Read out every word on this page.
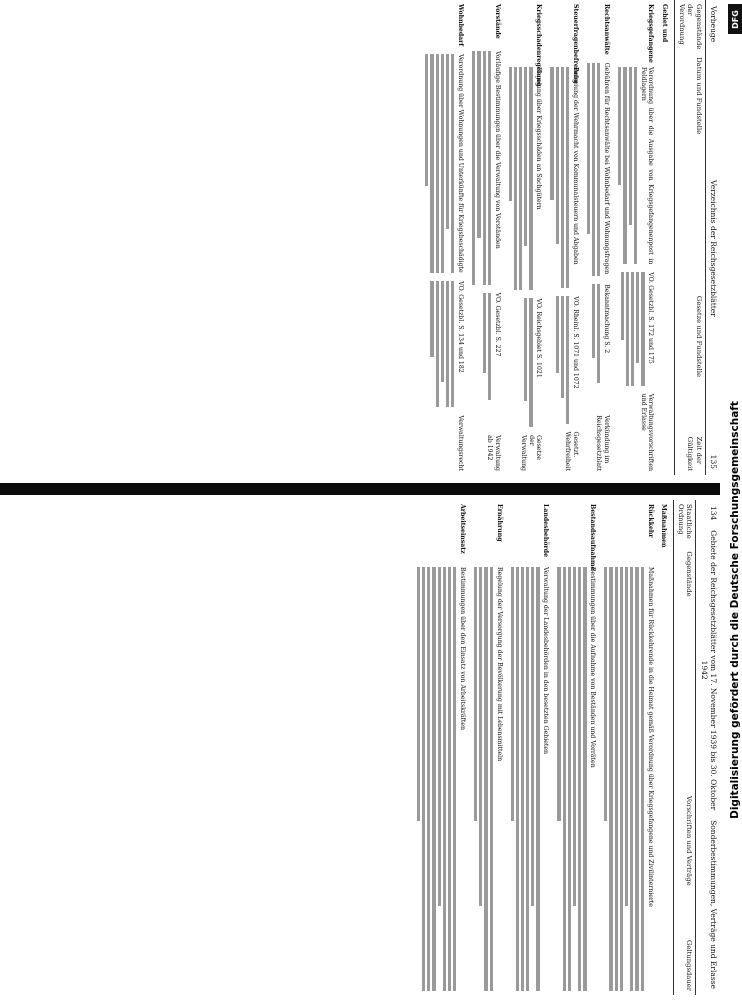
Vorbeuge
Verzeichnis der Reichsgesetzblätter
135
Gegenstände der Verordnung
Datum und Fundstelle
Gesetze und Fundstelle
Zeit der Gültigkeit
Gebiet und
Kriegsgefangene
Verordnung über die Ausgabe von Kriegsgefangenenpost in Feldlagern
VO. Gesetzbl. S. 172 und 175
Verwaltungsvorschriften und Erlasse
Rechtsanwälte
Gebühren für Rechtsanwälte bei Wohnbedarf und Wohnungsfragen
Bekanntmachung S. 2
Verkündung im Reichsgesetzblatt
Steuerfragenbefreiung
Befreiung der Wehrmacht von Kommunalsteuern und Abgaben
VO. Rheinl. S. 1071 und 1072
Gesetzt. Wehrfreiheit
Kriegsschadenregelung
Regelung über Kriegsschäden an Sachgütern
VO. Reichsgebiet S. 1021
Gesetze der Verwaltung
Vorstände
Vorläufige Bestimmungen über die Verwaltung von Vorständen
VO. Gesetzbl. S. 227
Verwaltung ab 1942
Wohnbedarf
Verordnung über Wohnungen und Unterkünfte für Kriegsbeschädigte
VO. Gesetzbl. S. 134 und 182
Verwaltungsrecht
134
Gebiete der Reichsgesetzblätter vom 17. November 1939 bis 30. Oktober 1942
Sonderbestimmungen, Verträge und Erlasse
Staatliche Ordnung
Gegenstände
Vorschriften und Verträge
Geltungsdauer
Maßnahmen
Rückkehr
Maßnahmen für Rückkehrende in die Heimat gemäß Verordnung über Kriegsgefangene und Zivilinternierte
Bestandsaufnahme
Bestimmungen über die Aufnahme von Beständen und Vorräten
Landesbehörde
Verwaltung der Landesbehörden in den besetzten Gebieten
Ernährung
Regelung der Versorgung der Bevölkerung mit Lebensmitteln
Arbeitseinsatz
Bestimmungen über den Einsatz von Arbeitskräften	Digitalisierung gefördert durch die Deutsche Forschungsgemeinschaft
DFG
